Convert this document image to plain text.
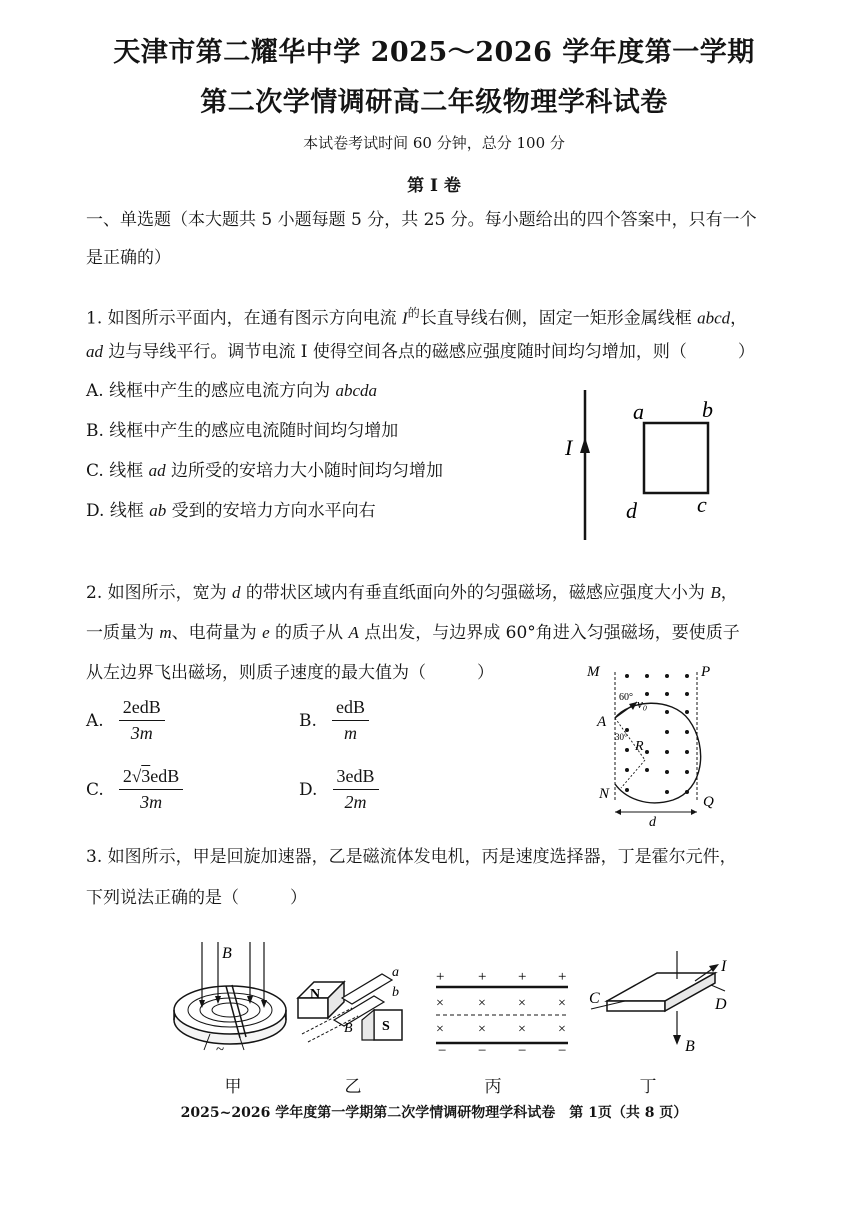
天津市第二耀华中学 2025～2026 学年度第一学期
第二次学情调研高二年级物理学科试卷
本试卷考试时间 60 分钟，总分 100 分
第 I 卷
一、单选题（本大题共 5 小题每题 5 分，共 25 分。每小题给出的四个答案中，只有一个
是正确的）
1. 如图所示平面内，在通有图示方向电流 $I^的$长直导线右侧，固定一矩形金属线框 abcd，
ad 边与导线平行。调节电流 I 使得空间各点的磁感应强度随时间均匀增加，则（　　　）
A. 线框中产生的感应电流方向为 abcda
B. 线框中产生的感应电流随时间均匀增加
C. 线框 ad 边所受的安培力大小随时间均匀增加
D. 线框 ab 受到的安培力方向水平向右
I
a	b
c
d
2. 如图所示，宽为 d 的带状区域内有垂直纸面向外的匀强磁场，磁感应强度大小为 B，
一质量为 m、电荷量为 e 的质子从 A 点出发，与边界成 60°角进入匀强磁场，要使质子
从左边界飞出磁场，则质子速度的最大值为（　　　）
A. $\frac{\text{2edB}}{3m}$	B. $\frac{\text{edB}}{m}$
C. $\frac{\text{2√3edB}}{3m}$	D. $\frac{\text{3edB}}{2m}$
M	P
N	Q
A
v₀
R
d
60°
30°
3. 如图所示，甲是回旋加速器，乙是磁流体发电机，丙是速度选择器，丁是霍尔元件，
下列说法正确的是（　　　）
B
~
N
S
a
b
B
+ + + +
× × × ×
× × × ×
− − − −
I
C	D
B
甲	乙	丙	丁
2025~2026 学年度第一学期第二次学情调研物理学科试卷　第 1页（共 8 页）
